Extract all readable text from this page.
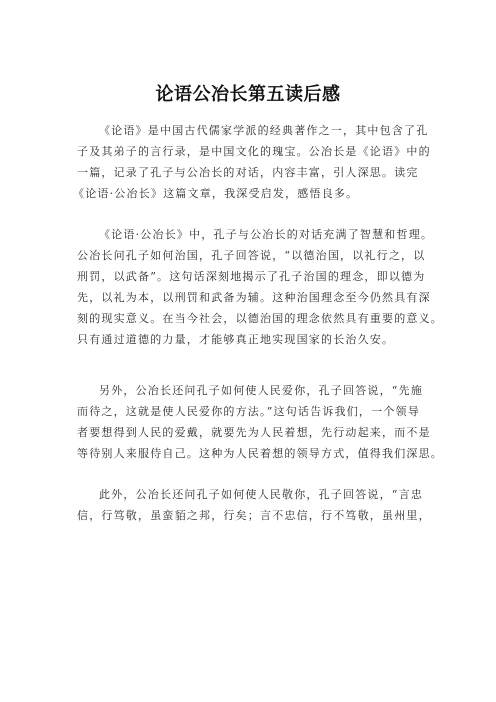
论语公冶长第五读后感
《论语》是中国古代儒家学派的经典著作之一，其中包含了孔
子及其弟子的言行录，是中国文化的瑰宝。公冶长是《论语》中的
一篇，记录了孔子与公冶长的对话，内容丰富，引人深思。读完
《论语·公冶长》这篇文章，我深受启发，感悟良多。
《论语·公冶长》中，孔子与公冶长的对话充满了智慧和哲理。
公冶长问孔子如何治国，孔子回答说，“以德治国，以礼行之，以
刑罚，以武备”。这句话深刻地揭示了孔子治国的理念，即以德为
先，以礼为本，以刑罚和武备为辅。这种治国理念至今仍然具有深
刻的现实意义。在当今社会，以德治国的理念依然具有重要的意义。
只有通过道德的力量，才能够真正地实现国家的长治久安。
另外，公冶长还问孔子如何使人民爱你，孔子回答说，“先施
而待之，这就是使人民爱你的方法。”这句话告诉我们，一个领导
者要想得到人民的爱戴，就要先为人民着想，先行动起来，而不是
等待别人来服侍自己。这种为人民着想的领导方式，值得我们深思。
此外，公冶长还问孔子如何使人民敬你，孔子回答说，“言忠
信，行笃敬，虽蛮貊之邦，行矣；言不忠信，行不笃敬，虽州里，
